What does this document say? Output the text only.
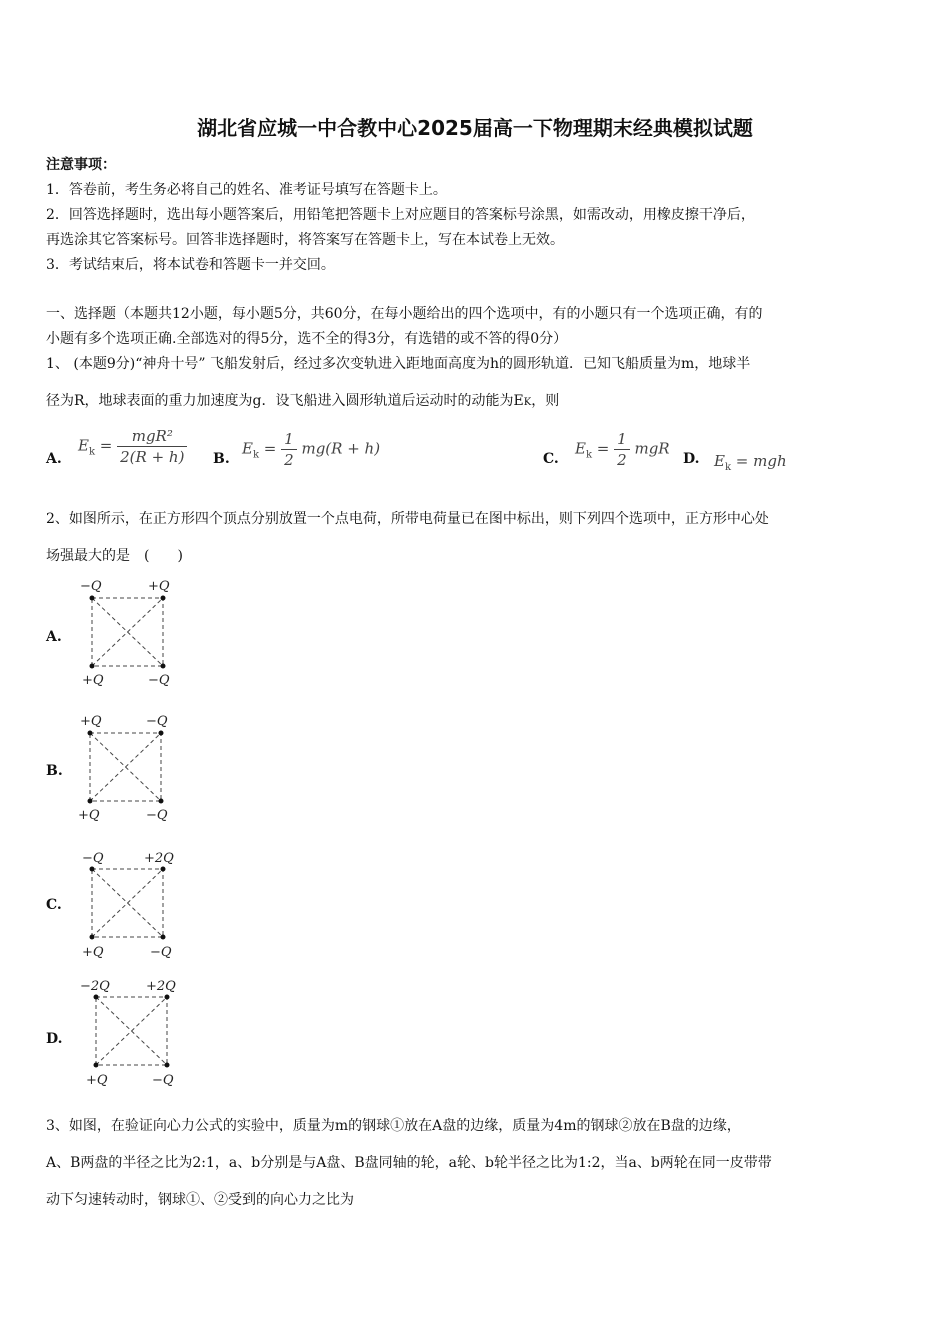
湖北省应城一中合教中心2025届高一下物理期末经典模拟试题
注意事项：
1．答卷前，考生务必将自己的姓名、准考证号填写在答题卡上。
2．回答选择题时，选出每小题答案后，用铅笔把答题卡上对应题目的答案标号涂黑，如需改动，用橡皮擦干净后，
再选涂其它答案标号。回答非选择题时，将答案写在答题卡上，写在本试卷上无效。
3．考试结束后，将本试卷和答题卡一并交回。
一、选择题（本题共12小题，每小题5分，共60分，在每小题给出的四个选项中，有的小题只有一个选项正确，有的
小题有多个选项正确.全部选对的得5分，选不全的得3分，有选错的或不答的得0分）
1、 (本题9分)“神舟十号” 飞船发射后，经过多次变轨进入距地面高度为h的圆形轨道．已知飞船质量为m，地球半
径为R，地球表面的重力加速度为g．设飞船进入圆形轨道后运动时的动能为EK，则
A.
$E_k = \frac{\text{mgR²}}{2(R + h)} B$.
$E_k = \frac{1}{2} mg(R + h)$
C.
$E_k = \frac{1}{2}$ mgR
D. $E_k$ = mgh
2、如图所示，在正方形四个顶点分别放置一个点电荷，所带电荷量已在图中标出，则下列四个选项中，正方形中心处
场强最大的是　(　　)
A.
−Q	+Q
+Q	−Q
B.
+Q	−Q
+Q	−Q
C.
−Q	+2Q
+Q	−Q
D.
−2Q	+2Q
+Q	−Q
3、如图，在验证向心力公式的实验中，质量为m的钢球①放在A盘的边缘，质量为4m的钢球②放在B盘的边缘，
A、B两盘的半径之比为2:1，a、b分别是与A盘、B盘同轴的轮，a轮、b轮半径之比为1:2，当a、b两轮在同一皮带带
动下匀速转动时，钢球①、②受到的向心力之比为
